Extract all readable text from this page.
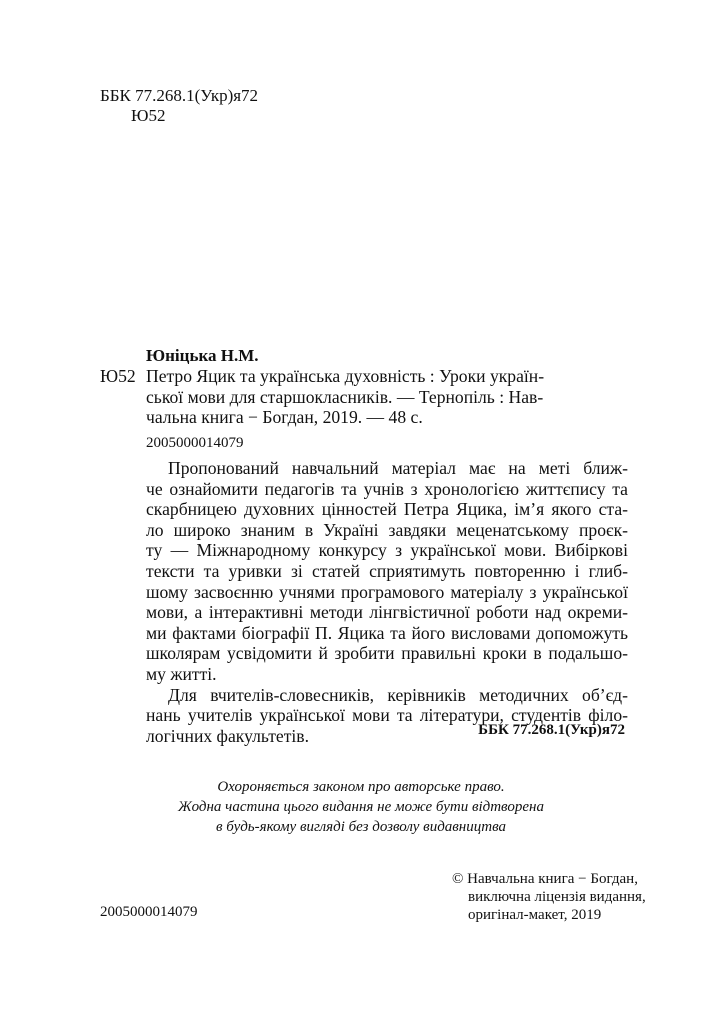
ББК 77.268.1(Укр)я72
Ю52
Юніцька Н.М.
Ю52 Петро Яцик та українська духовність : Уроки україн-
ської мови для старшокласників. — Тернопіль : Нав-
чальна книга − Богдан, 2019. — 48 с.
2005000014079
Пропонований навчальний матеріал має на меті ближ-
че ознайомити педагогів та учнів з хронологією життєпису та
скарбницею духовних цінностей Петра Яцика, ім’я якого ста-
ло широко знаним в Україні завдяки меценатському проєк-
ту — Міжнародному конкурсу з української мови. Вибіркові
тексти та уривки зі статей сприятимуть повторенню і глиб-
шому засвоєнню учнями програмового матеріалу з української
мови, а інтерактивні методи лінгвістичної роботи над окреми-
ми фактами біографії П. Яцика та його висловами допоможуть
школярам усвідомити й зробити правильні кроки в подальшо-
му житті.
Для вчителів-словесників, керівників методичних об’єд-
нань учителів української мови та літератури, студентів філо-
логічних факультетів.	ББК 77.268.1(Укр)я72
Охороняється законом про авторське право.
Жодна частина цього видання не може бути відтворена
в будь-якому вигляді без дозволу видавництва
2005000014079
© Навчальна книга − Богдан,
виключна ліцензія видання,
оригінал-макет, 2019
